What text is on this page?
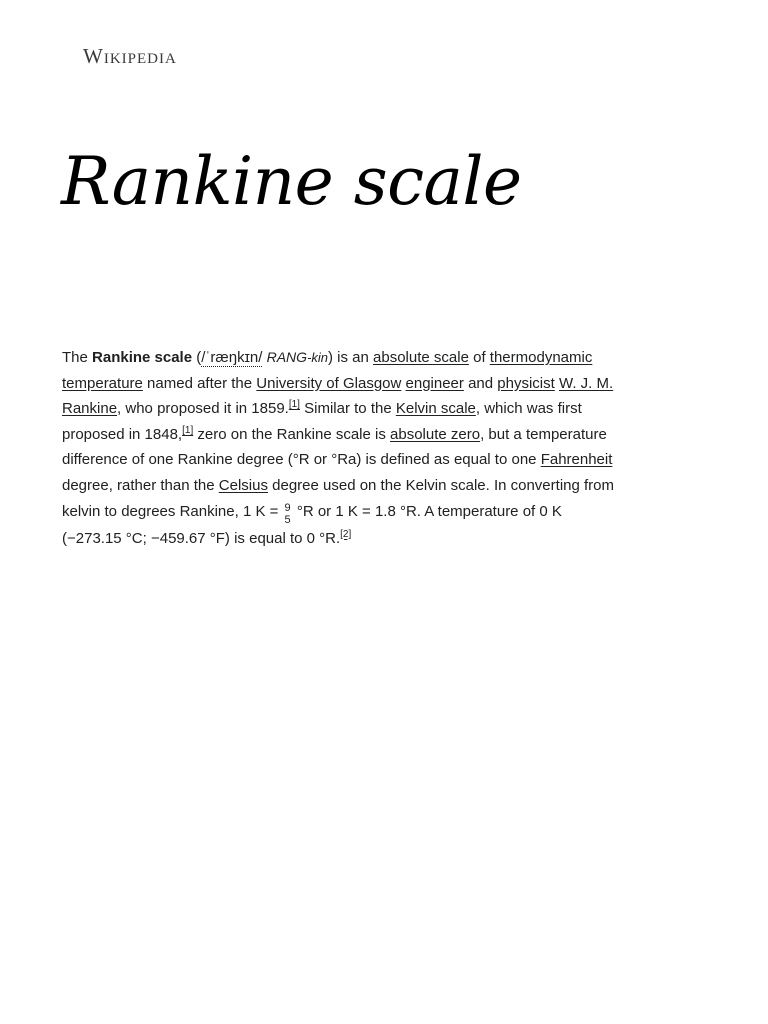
Wikipedia
Rankine scale

The Rankine scale (/ˈræŋkɪn/ RANG-kin) is an absolute scale of thermodynamic temperature named after the University of Glasgow engineer and physicist W. J. M. Rankine, who proposed it in 1859.[1] Similar to the Kelvin scale, which was first proposed in 1848,[1] zero on the Rankine scale is absolute zero, but a temperature difference of one Rankine degree (°R or °Ra) is defined as equal to one Fahrenheit degree, rather than the Celsius degree used on the Kelvin scale. In converting from kelvin to degrees Rankine, 1 K = 9
5 °R or 1 K = 1.8 °R. A temperature of 0 K (−273.15 °C; −459.67 °F) is equal to 0 °R.[2]
